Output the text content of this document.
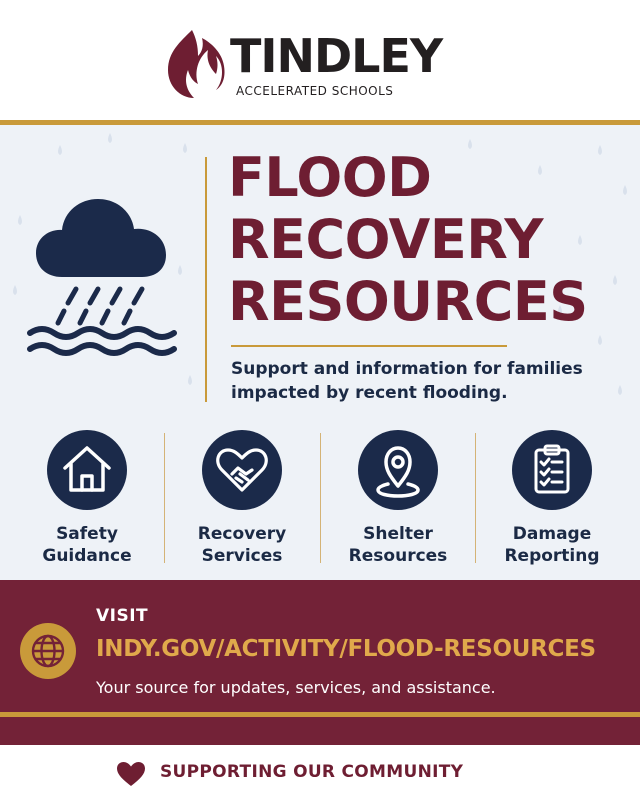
TINDLEY
ACCELERATED SCHOOLS
FLOOD
RECOVERY
RESOURCES
Support and information for families impacted by recent flooding.
Safety
Guidance
Recovery
Services
Shelter
Resources
Damage
Reporting
VISIT
INDY.GOV/ACTIVITY/FLOOD-RESOURCES
Your source for updates, services, and assistance.
SUPPORTING OUR COMMUNITY
